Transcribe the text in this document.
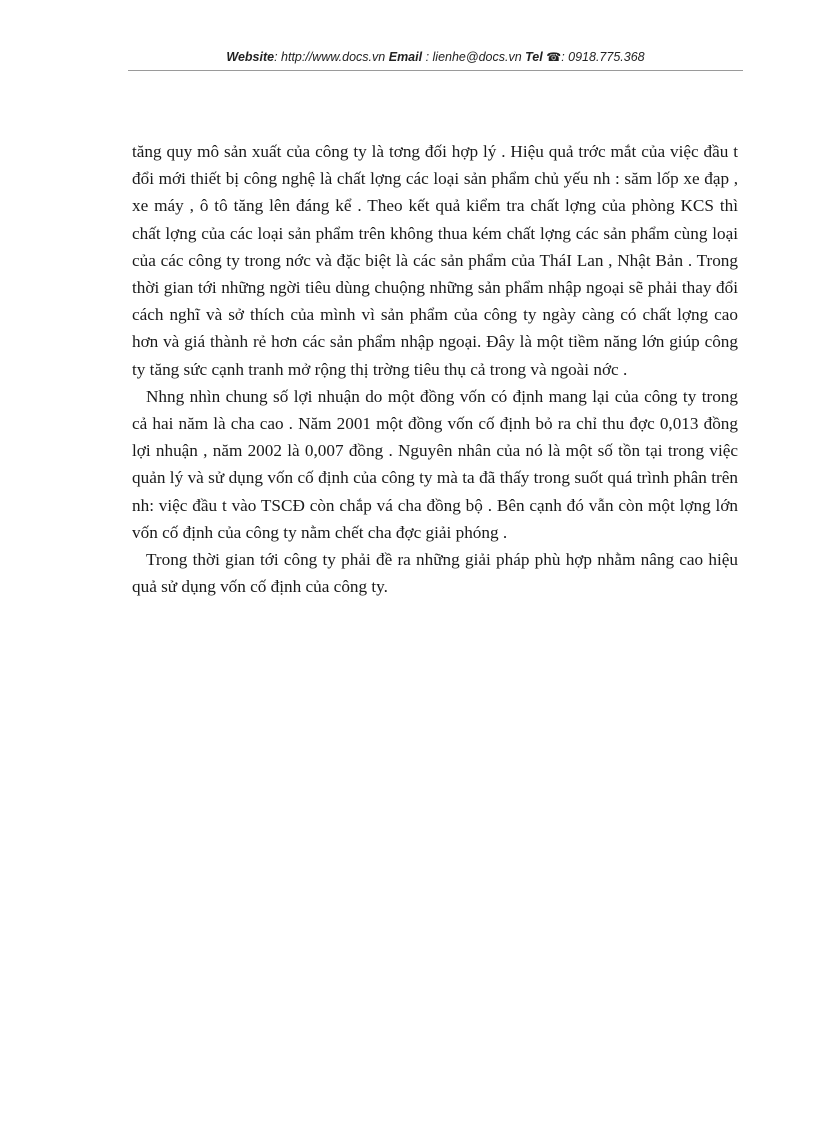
Website: http://www.docs.vn Email : lienhe@docs.vn Tel ☎: 0918.775.368

tăng quy mô sản xuất của công ty là tơng đối hợp lý . Hiệu quả trớc mắt của việc đầu t đổi mới thiết bị công nghệ là chất lợng các loại sản phẩm chủ yếu nh : săm lốp xe đạp , xe máy , ô tô tăng lên đáng kể . Theo kết quả kiểm tra chất lợng của phòng KCS thì chất lợng của các loại sản phẩm trên không thua kém chất lợng các sản phẩm cùng loại của các công ty trong nớc và đặc biệt là các sản phẩm của TháI Lan , Nhật Bản . Trong thời gian tới những ngời tiêu dùng chuộng những sản phẩm nhập ngoại sẽ phải thay đổi cách nghĩ và sở thích của mình vì sản phẩm của công ty ngày càng có chất lợng cao hơn và giá thành rẻ hơn các sản phẩm nhập ngoại. Đây là một tiềm năng lớn giúp công ty tăng sức cạnh tranh mở rộng thị trờng tiêu thụ cả trong và ngoài nớc .

Nhng nhìn chung số lợi nhuận do một đồng vốn có định mang lại của công ty trong cả hai năm là cha cao . Năm 2001 một đồng vốn cố định bỏ ra chỉ thu đợc 0,013 đồng lợi nhuận , năm 2002 là 0,007 đồng . Nguyên nhân của nó là một số tồn tại trong việc quản lý và sử dụng vốn cố định của công ty mà ta đã thấy trong suốt quá trình phân trên nh: việc đầu t vào TSCĐ còn chắp vá cha đồng bộ . Bên cạnh đó vẫn còn một lợng lớn vốn cố định của công ty nằm chết cha đợc giải phóng .

Trong thời gian tới công ty phải đề ra những giải pháp phù hợp nhằm nâng cao hiệu quả sử dụng vốn cố định của công ty.
